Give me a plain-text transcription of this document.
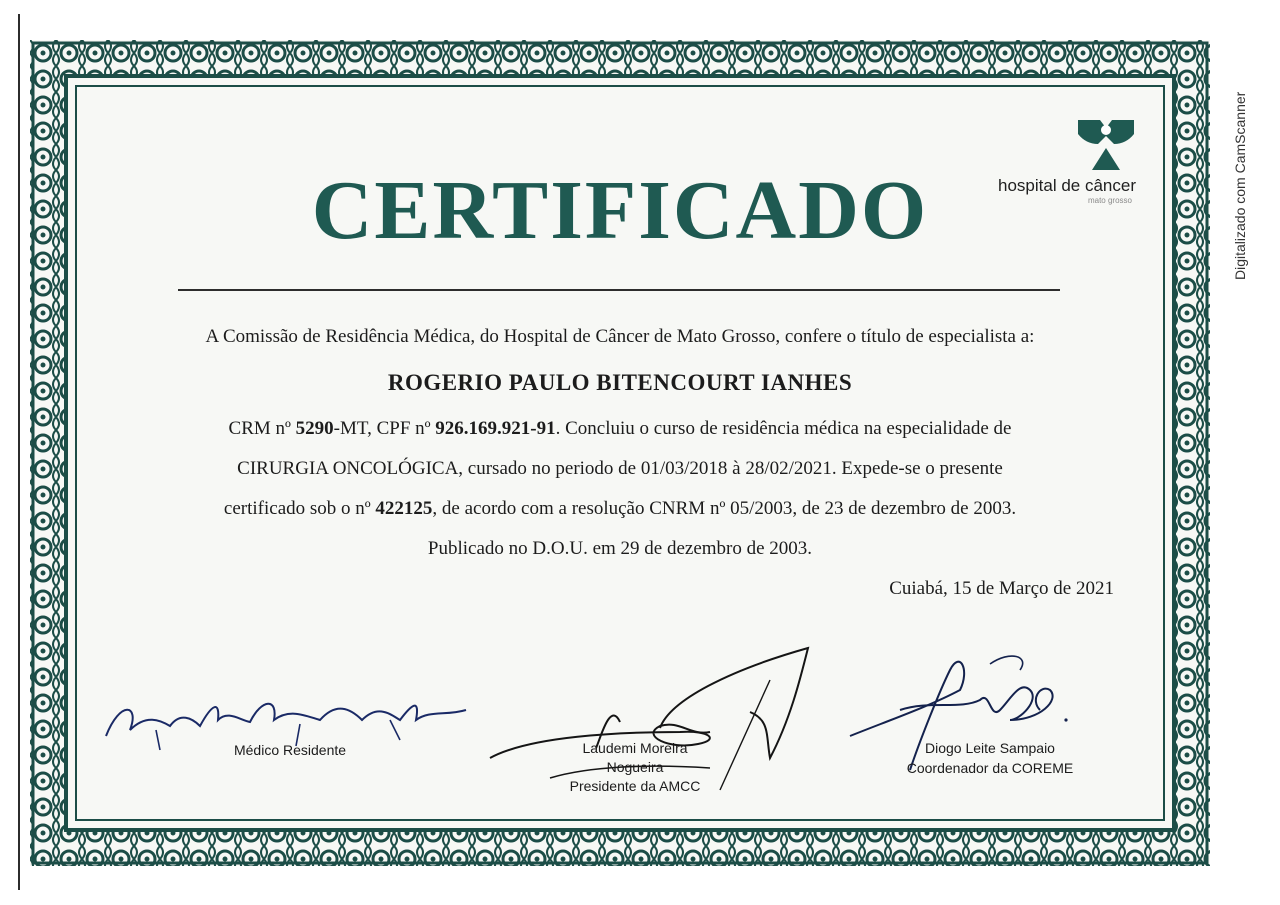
CERTIFICADO	hospital de câncer
mato grosso
A Comissão de Residência Médica, do Hospital de Câncer de Mato Grosso, confere o título de especialista a:
ROGERIO PAULO BITENCOURT IANHES
CRM nº 5290-MT, CPF nº 926.169.921-91. Concluiu o curso de residência médica na especialidade de
CIRURGIA ONCOLÓGICA, cursado no periodo de 01/03/2018 à 28/02/2021. Expede-se o presente
certificado sob o nº 422125, de acordo com a resolução CNRM nº 05/2003, de 23 de dezembro de 2003.
Publicado no D.O.U. em 29 de dezembro de 2003.
Cuiabá, 15 de Março de 2021
Médico Residente	Laudemi Moreira
Nogueira
Presidente da AMCC
Diogo Leite Sampaio
Coordenador da COREME
Digitalizado com CamScanner
